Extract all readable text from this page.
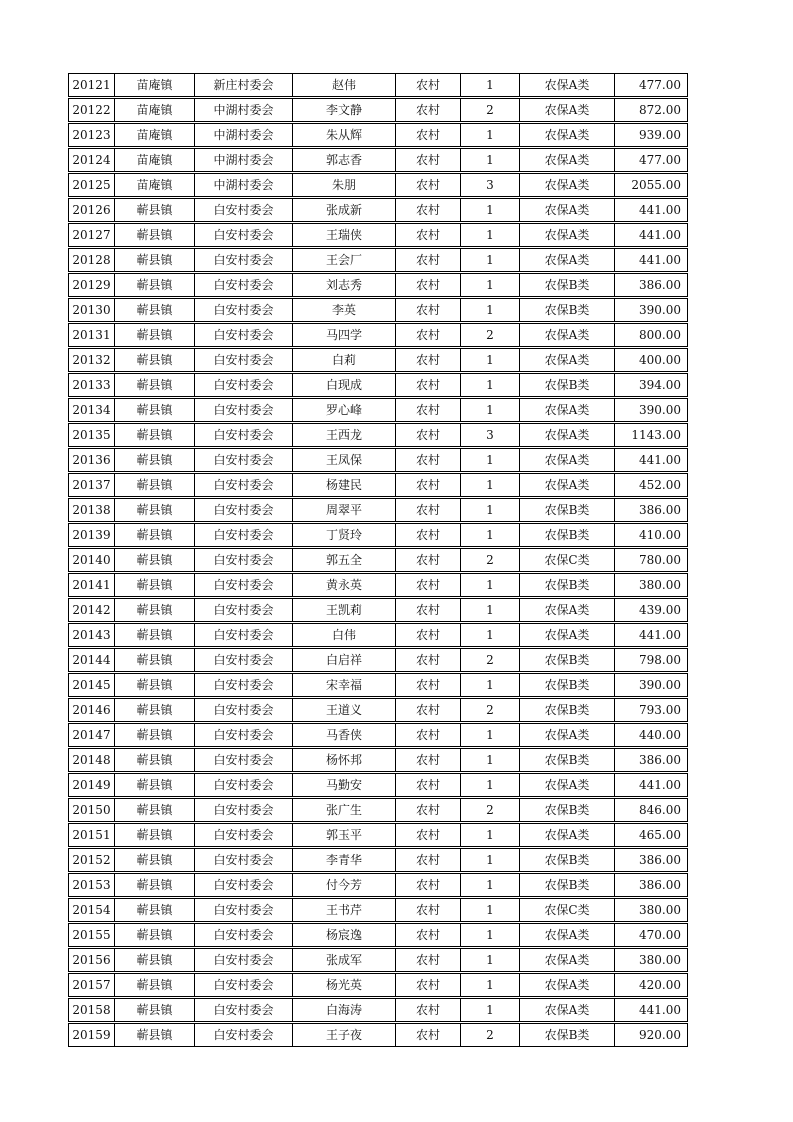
20121	苗庵镇	新庄村委会	赵伟	农村	1	农保A类	477.00
20122	苗庵镇	中湖村委会	李文静	农村	2	农保A类	872.00
20123	苗庵镇	中湖村委会	朱从辉	农村	1	农保A类	939.00
20124	苗庵镇	中湖村委会	郭志香	农村	1	农保A类	477.00
20125	苗庵镇	中湖村委会	朱朋	农村	3	农保A类	2055.00
20126	蕲县镇	白安村委会	张成新	农村	1	农保A类	441.00
20127	蕲县镇	白安村委会	王瑞侠	农村	1	农保A类	441.00
20128	蕲县镇	白安村委会	王会厂	农村	1	农保A类	441.00
20129	蕲县镇	白安村委会	刘志秀	农村	1	农保B类	386.00
20130	蕲县镇	白安村委会	李英	农村	1	农保B类	390.00
20131	蕲县镇	白安村委会	马四学	农村	2	农保A类	800.00
20132	蕲县镇	白安村委会	白莉	农村	1	农保A类	400.00
20133	蕲县镇	白安村委会	白现成	农村	1	农保B类	394.00
20134	蕲县镇	白安村委会	罗心峰	农村	1	农保A类	390.00
20135	蕲县镇	白安村委会	王西龙	农村	3	农保A类	1143.00
20136	蕲县镇	白安村委会	王凤保	农村	1	农保A类	441.00
20137	蕲县镇	白安村委会	杨建民	农村	1	农保A类	452.00
20138	蕲县镇	白安村委会	周翠平	农村	1	农保B类	386.00
20139	蕲县镇	白安村委会	丁贤玲	农村	1	农保B类	410.00
20140	蕲县镇	白安村委会	郭五全	农村	2	农保C类	780.00
20141	蕲县镇	白安村委会	黄永英	农村	1	农保B类	380.00
20142	蕲县镇	白安村委会	王凯莉	农村	1	农保A类	439.00
20143	蕲县镇	白安村委会	白伟	农村	1	农保A类	441.00
20144	蕲县镇	白安村委会	白启祥	农村	2	农保B类	798.00
20145	蕲县镇	白安村委会	宋幸福	农村	1	农保B类	390.00
20146	蕲县镇	白安村委会	王道义	农村	2	农保B类	793.00
20147	蕲县镇	白安村委会	马香侠	农村	1	农保A类	440.00
20148	蕲县镇	白安村委会	杨怀邦	农村	1	农保B类	386.00
20149	蕲县镇	白安村委会	马勤安	农村	1	农保A类	441.00
20150	蕲县镇	白安村委会	张广生	农村	2	农保B类	846.00
20151	蕲县镇	白安村委会	郭玉平	农村	1	农保A类	465.00
20152	蕲县镇	白安村委会	李青华	农村	1	农保B类	386.00
20153	蕲县镇	白安村委会	付今芳	农村	1	农保B类	386.00
20154	蕲县镇	白安村委会	王书芹	农村	1	农保C类	380.00
20155	蕲县镇	白安村委会	杨宸逸	农村	1	农保A类	470.00
20156	蕲县镇	白安村委会	张成军	农村	1	农保A类	380.00
20157	蕲县镇	白安村委会	杨光英	农村	1	农保A类	420.00
20158	蕲县镇	白安村委会	白海涛	农村	1	农保A类	441.00
20159	蕲县镇	白安村委会	王子夜	农村	2	农保B类	920.00
